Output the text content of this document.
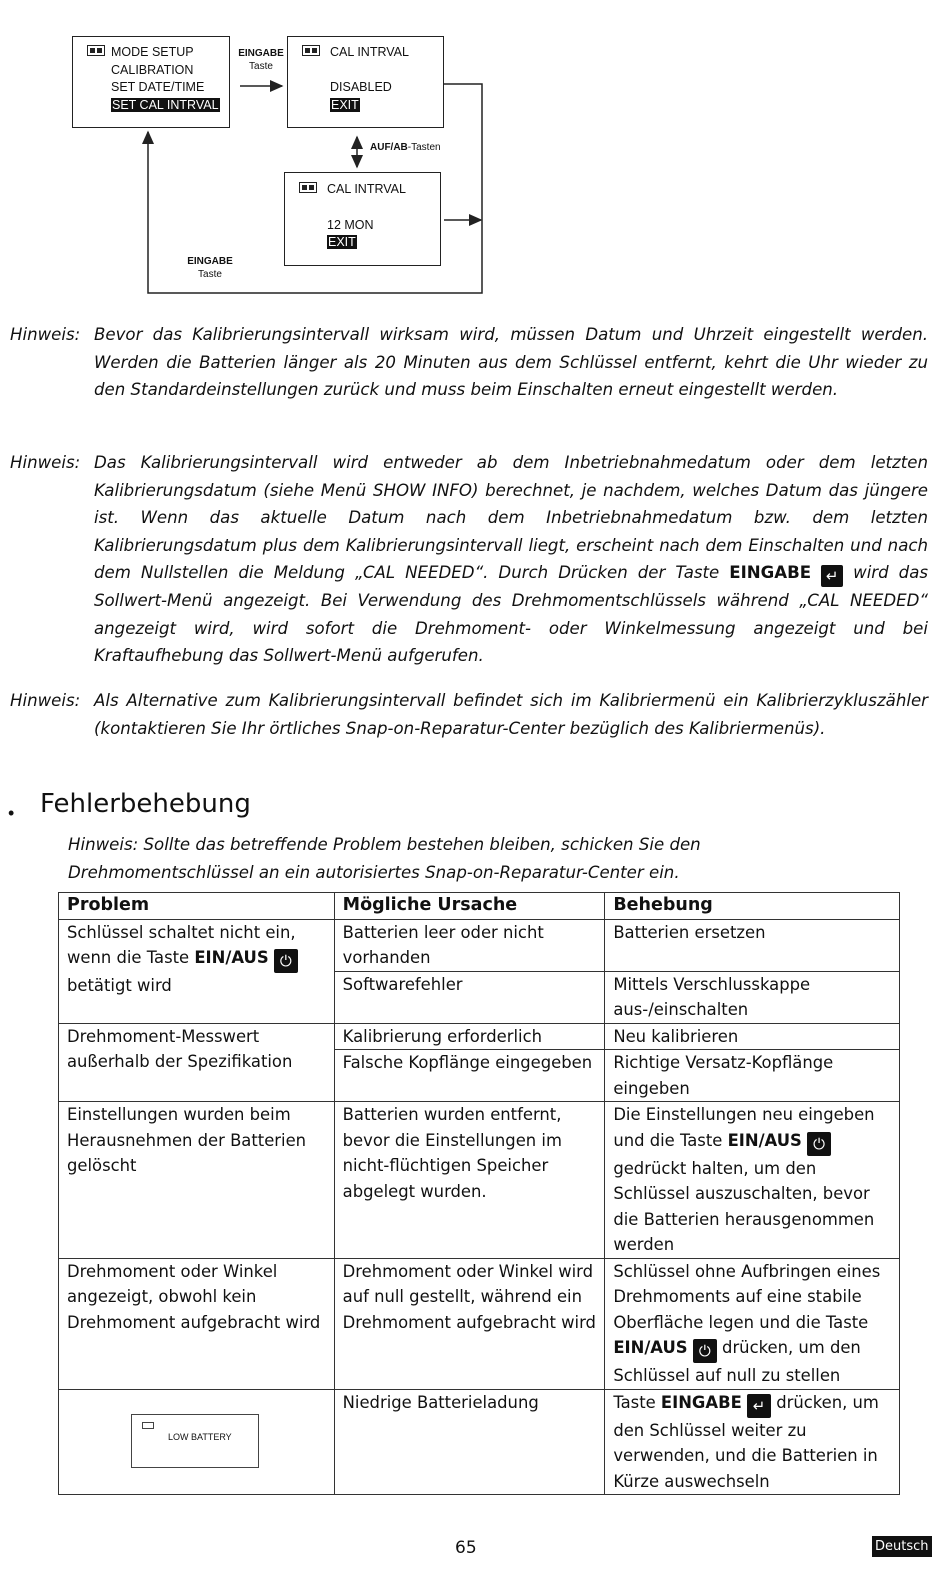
MODE SETUP
CALIBRATION
SET DATE/TIME
SET CAL INTRVAL
EINGABE
Taste
CAL INTRVAL
DISABLED
EXIT
AUF/AB-Tasten
CAL INTRVAL
12 MON
EXIT
EINGABE
Taste
Hinweis: Bevor das Kalibrierungsintervall wirksam wird, müssen Datum und Uhrzeit eingestellt werden. Werden die Batterien länger als 20 Minuten aus dem Schlüssel entfernt, kehrt die Uhr wieder zu den Standardeinstellungen zurück und muss beim Einschalten erneut eingestellt werden.
Hinweis: Das Kalibrierungsintervall wird entweder ab dem Inbetriebnahmedatum oder dem letzten Kalibrierungsdatum (siehe Menü SHOW INFO) berechnet, je nachdem, welches Datum das jüngere ist. Wenn das aktuelle Datum nach dem Inbetriebnahmedatum bzw. dem letzten Kalibrierungsdatum plus dem Kalibrierungsintervall liegt, erscheint nach dem Einschalten und nach dem Nullstellen die Meldung „CAL NEEDED“. Durch Drücken der Taste EINGABE ↵ wird das Sollwert-Menü angezeigt. Bei Verwendung des Drehmomentschlüssels während „CAL NEEDED“ angezeigt wird, wird sofort die Drehmoment- oder Winkelmessung angezeigt und bei Kraftaufhebung das Sollwert-Menü aufgerufen.
Hinweis: Als Alternative zum Kalibrierungsintervall befindet sich im Kalibriermenü ein Kalibrierzykluszähler (kontaktieren Sie Ihr örtliches Snap-on-Reparatur-Center bezüglich des Kalibriermenüs).
• Fehlerbehebung
Hinweis: Sollte das betreffende Problem bestehen bleiben, schicken Sie den Drehmomentschlüssel an ein autorisiertes Snap-on-Reparatur-Center ein.
Problem	Mögliche Ursache	Behebung
Schlüssel schaltet nicht ein, wenn die Taste EIN/AUS ⏻
betätigt wird	Batterien leer oder nicht vorhanden	Batterien ersetzen
	Softwarefehler	Mittels Verschlusskappe aus-/einschalten
Drehmoment-Messwert außerhalb der Spezifikation	Kalibrierung erforderlich	Neu kalibrieren
	Falsche Kopflänge eingegeben	Richtige Versatz-Kopflänge eingeben
Einstellungen wurden beim Herausnehmen der Batterien gelöscht	Batterien wurden entfernt, bevor die Einstellungen im nicht-flüchtigen Speicher abgelegt wurden.	Die Einstellungen neu eingeben und die Taste EIN/AUS ⏻ gedrückt halten, um den Schlüssel auszuschalten, bevor die Batterien herausgenommen werden
Drehmoment oder Winkel angezeigt, obwohl kein Drehmoment aufgebracht wird	Drehmoment oder Winkel wird auf null gestellt, während ein Drehmoment aufgebracht wird	Schlüssel ohne Aufbringen eines Drehmoments auf eine stabile Oberfläche legen und die Taste EIN/AUS ⏻ drücken, um den Schlüssel auf null zu stellen

LOW BATTERY	Niedrige Batterieladung	Taste EINGABE ↵ drücken, um den Schlüssel weiter zu verwenden, und die Batterien in Kürze auswechseln
65	Deutsch
